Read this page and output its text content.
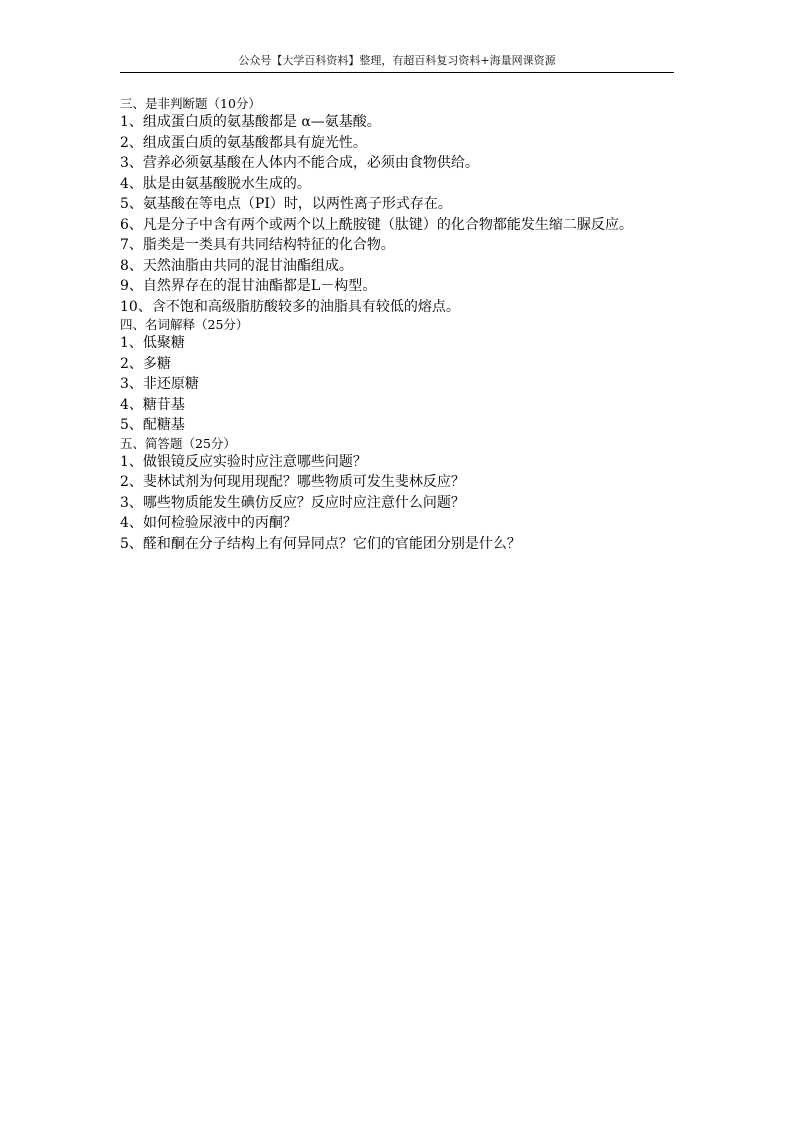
公众号【大学百科资料】整理，有超百科复习资料+海量网课资源

三、是非判断题（10分）

1、组成蛋白质的氨基酸都是 α—氨基酸。

2、组成蛋白质的氨基酸都具有旋光性。

3、营养必须氨基酸在人体内不能合成，必须由食物供给。

4、肽是由氨基酸脱水生成的。

5、氨基酸在等电点（PI）时，以两性离子形式存在。

6、凡是分子中含有两个或两个以上酰胺键（肽键）的化合物都能发生缩二脲反应。

7、脂类是一类具有共同结构特征的化合物。

8、天然油脂由共同的混甘油酯组成。

9、自然界存在的混甘油酯都是L－构型。

10、含不饱和高级脂肪酸较多的油脂具有较低的熔点。

四、名词解释（25分）

1、低聚糖

2、多糖

3、非还原糖

4、糖苷基

5、配糖基

五、简答题（25分）

1、做银镜反应实验时应注意哪些问题？

2、斐林试剂为何现用现配？哪些物质可发生斐林反应？

3、哪些物质能发生碘仿反应？反应时应注意什么问题？

4、如何检验尿液中的丙酮？

5、醛和酮在分子结构上有何异同点？它们的官能团分别是什么？
